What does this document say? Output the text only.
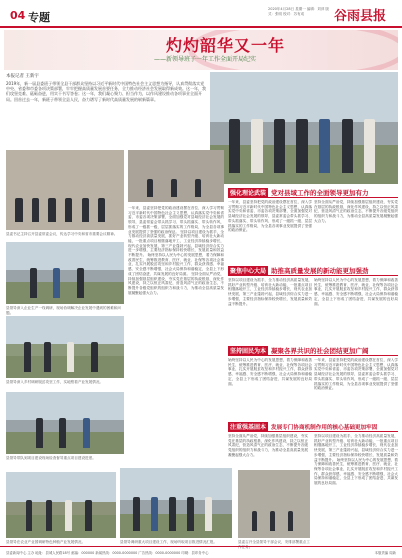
04 专题
2020年4月28日 星期一 编辑：刘萍 版式：张明 校对：苏有成	谷雨县报
灼灼韶华又一年
——新领导班子一年工作全面开局纪实
本报记者 王新宇
2019年，新一届县委班子带领全县干部群众坚持以习近平新时代中国特色社会主义思想为指导，认真贯彻落实党中央、省委和市委各项决策部署，牢牢把握高质量发展首要任务，全力推动经济社会发展取得新成效。这一年，我们攻坚克难、砥砺奋进，用实干书写答卷；这一年，我们凝心聚力、担当作为，以作风建设推动各项事业全面开局。回首过去一年，新班子带领全县人民，奋力谱写了新时代高质量发展的崭新篇章。
县委书记主持召开县委常委会议，传达学习中央和省市重要会议精神。
县领导深入企业生产一线调研，现场协调解决企业发展中遇到的困难和问题。
县领导深入乡村调研脱贫攻坚工作，实地察看产业发展情况。
县领导带队到项目建设现场检查督导重点项目建设进度。
县领导在农业产业园调研特色种植产业发展情况。	县领导调研重大项目建设工作，现场听取项目推进情况汇报。	县委召开全县领导干部会议，安排部署重点工作任务。
一年来，县委坚持把党的政治建设摆在首位，深入学习贯彻习近平新时代中国特色社会主义思想，认真落实党中央和省委、市委各项决策部署，全面加强党对县域经济社会发展的领导，县委常委会带头抓学习、带头抓落实、带头转作风，形成了一级抓一级、层层抓落实的工作格局，为全县各项事业发展提供了坚强的政治保证。 坚持以项目建设为抓手，全力推动经济高质量发展，抓好产业转型升级、培育壮大新动能，一批重点项目相继落地开工，工业经济持续稳步增长，现代农业加快发展，第三产业蓬勃兴起，县域经济综合实力进一步增强，主要经济指标保持较快增长，发展质量和效益不断提升。 始终坚持以人民为中心的发展思想，着力保障和改善民生，统筹推进教育、医疗、就业、社保等各项社会事业，扎实开展脱贫攻坚和乡村振兴工作，群众获得感、幸福感、安全感不断增强，社会大局保持和谐稳定，全县上下形成了团结奋进、共谋发展的良好局面。 坚持全面从严治党，持续加强基层组织建设，夯实党在基层的执政根基，深化作风建设，持之以恒正风肃纪，营造风清气正的政治生态，不断提升各级党组织的组织力和战斗力，为推动全县高质量发展凝聚起强大合力。
强化理论武装 党对县域工作的全面领导更加有力
一年来，县委坚持把党的政治建设摆在首位，深入学习贯彻习近平新时代中国特色社会主义思想，认真落实党中央和省委、市委各项决策部署，全面加强党对县域经济社会发展的领导，县委常委会带头抓学习、带头抓落实、带头转作风，形成了一级抓一级、层层抓落实的工作格局，为全县各项事业发展提供了坚强的政治保证。
坚持全面从严治党，持续加强基层组织建设，夯实党在基层的执政根基，深化作风建设，持之以恒正风肃纪，营造风清气正的政治生态，不断提升各级党组织的组织力和战斗力，为推动全县高质量发展凝聚起强大合力。
聚焦中心大局 助推高质量发展的新动能更加强劲
坚持以项目建设为抓手，全力推动经济高质量发展，抓好产业转型升级、培育壮大新动能，一批重点项目相继落地开工，工业经济持续稳步增长，现代农业加快发展，第三产业蓬勃兴起，县域经济综合实力进一步增强，主要经济指标保持较快增长，发展质量和效益不断提升。
始终坚持以人民为中心的发展思想，着力保障和改善民生，统筹推进教育、医疗、就业、社保等各项社会事业，扎实开展脱贫攻坚和乡村振兴工作，群众获得感、幸福感、安全感不断增强，社会大局保持和谐稳定，全县上下形成了团结奋进、共谋发展的良好局面。
坚持固民为本 凝聚各界共识的社会团结更加广阔
始终坚持以人民为中心的发展思想，着力保障和改善民生，统筹推进教育、医疗、就业、社保等各项社会事业，扎实开展脱贫攻坚和乡村振兴工作，群众获得感、幸福感、安全感不断增强，社会大局保持和谐稳定，全县上下形成了团结奋进、共谋发展的良好局面。
一年来，县委坚持把党的政治建设摆在首位，深入学习贯彻习近平新时代中国特色社会主义思想，认真落实党中央和省委、市委各项决策部署，全面加强党对县域经济社会发展的领导，县委常委会带头抓学习、带头抓落实、带头转作风，形成了一级抓一级、层层抓落实的工作格局，为全县各项事业发展提供了坚强的政治保证。
注重强基固本 发展专门协商机制作用的核心基础更加牢固
坚持全面从严治党，持续加强基层组织建设，夯实党在基层的执政根基，深化作风建设，持之以恒正风肃纪，营造风清气正的政治生态，不断提升各级党组织的组织力和战斗力，为推动全县高质量发展凝聚起强大合力。
坚持以项目建设为抓手，全力推动经济高质量发展，抓好产业转型升级、培育壮大新动能，一批重点项目相继落地开工，工业经济持续稳步增长，现代农业加快发展，第三产业蓬勃兴起，县域经济综合实力进一步增强，主要经济指标保持较快增长，发展质量和效益不断提升。 始终坚持以人民为中心的发展思想，着力保障和改善民生，统筹推进教育、医疗、就业、社保等各项社会事业，扎实开展脱贫攻坚和乡村振兴工作，群众获得感、幸福感、安全感不断增强，社会大局保持和谐稳定，全县上下形成了团结奋进、共谋发展的良好局面。
县委新闻中心 主办 地址：县城人民路18号 邮编：000000 新闻热线：0000-0000000 广告热线：0000-0000000 印刷：县印务中心	本版责编 周新
